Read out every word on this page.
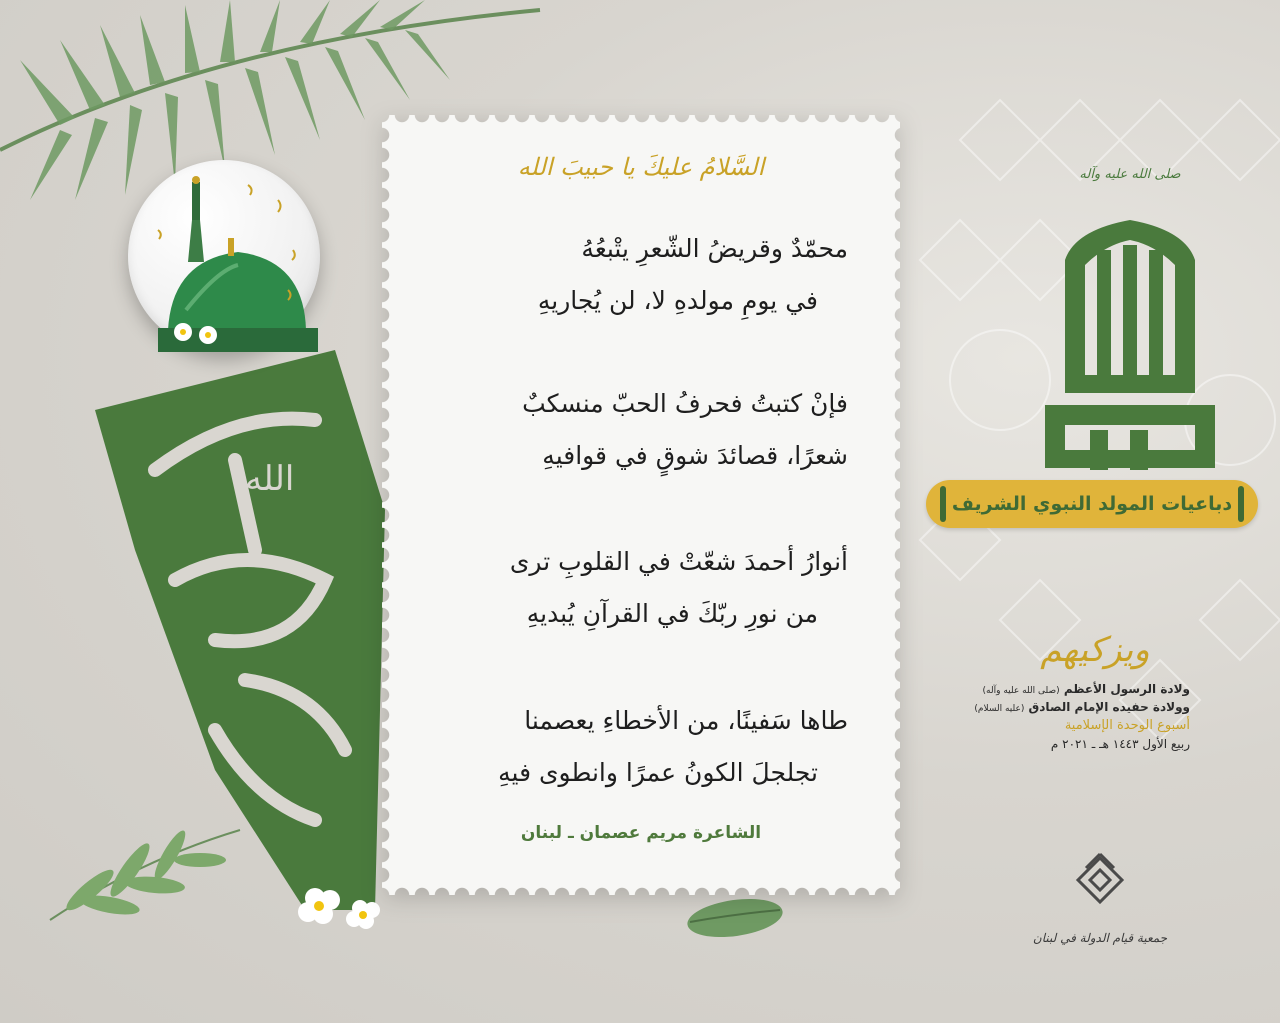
الله
السَّلامُ عليكَ يا حبيبَ الله
محمّدٌ وقريضُ الشّعرِ يتْبعُهُ
في يومِ مولدهِ لا، لن يُجاريهِ
فإنْ كتبتُ فحرفُ الحبّ منسكبٌ
شعرًا، قصائدَ شوقٍ في قوافيهِ
أنوارُ أحمدَ شعّتْ في القلوبِ ترى
من نورِ ربّكَ في القرآنِ يُبديهِ
طاها سَفينًا، من الأخطاءِ يعصمنا
تجلجلَ الكونُ عمرًا وانطوى فيهِ
الشاعرة مريم عصمان ـ لبنان
صلى الله عليه وآله
حبيب الله
دباعيات المولد النبوي الشريف
ويزكيهم
ولادة الرسول الأعظم (صلى الله عليه وآله)
وولادة حفيده الإمام الصادق (عليه السلام)
أسبوع الوحدة الإسلامية
ربيع الأول ١٤٤٣ هـ ـ ٢٠٢١ م
جمعية قيام الدولة في لبنان
